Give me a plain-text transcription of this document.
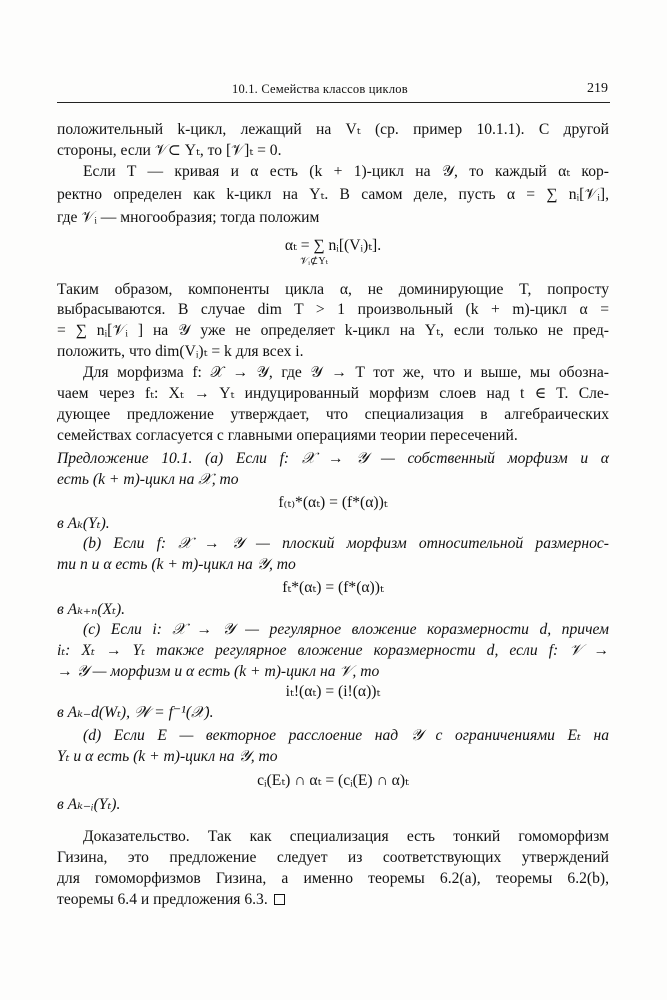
10.1. Семейства классов циклов	219
положительный k-цикл, лежащий на Vₜ (ср. пример 10.1.1). С другой
стороны, если 𝒱⊂ Yₜ, то [𝒱]ₜ = 0.
Если T — кривая и α есть (k + 1)-цикл на 𝒴, то каждый αₜ кор-
ректно определен как k-цикл на Yₜ. В самом деле, пусть α = ∑ nᵢ[𝒱ᵢ],
где 𝒱ᵢ — многообразия; тогда положим
αₜ = ∑ nᵢ[(Vᵢ)ₜ].
𝒱ᵢ⊄Yₜ
Таким образом, компоненты цикла α, не доминирующие T, попросту
выбрасываются. В случае dim T > 1 произвольный (k + m)-цикл α =
= ∑ nᵢ[𝒱ᵢ ] на 𝒴 уже не определяет k-цикл на Yₜ, если только не пред-
положить, что dim(Vᵢ)ₜ = k для всех i.
Для морфизма f: 𝒳 → 𝒴, где 𝒴 → T тот же, что и выше, мы обозна-
чаем через fₜ: Xₜ → Yₜ индуцированный морфизм слоев над t ∈ T. Сле-
дующее предложение утверждает, что специализация в алгебраических
семействах согласуется с главными операциями теории пересечений.
Предложение 10.1. (a) Если f: 𝒳 → 𝒴 — собственный морфизм и α
есть (k + m)-цикл на 𝒳, то
f₍ₜ₎*(αₜ) = (f*(α))ₜ
в Aₖ(Yₜ).
(b) Если f: 𝒳 → 𝒴 — плоский морфизм относительной размернос-
ти n и α есть (k + m)-цикл на 𝒴, то
fₜ*(αₜ) = (f*(α))ₜ
в Aₖ₊ₙ(Xₜ).
(c) Если i: 𝒳 → 𝒴 — регулярное вложение коразмерности d, причем
iₜ: Xₜ → Yₜ также регулярное вложение коразмерности d, если f: 𝒱 →
→ 𝒴 — морфизм и α есть (k + m)-цикл на 𝒱, то
iₜ!(αₜ) = (i!(α))ₜ
в Aₖ₋d(Wₜ), 𝒲 = f⁻¹(𝒳).
(d) Если E — векторное расслоение над 𝒴 с ограничениями Eₜ на
Yₜ и α есть (k + m)-цикл на 𝒴, то
cᵢ(Eₜ) ∩ αₜ = (cᵢ(E) ∩ α)ₜ
в Aₖ₋ᵢ(Yₜ).
Доказательство. Так как специализация есть тонкий гомоморфизм
Гизина, это предложение следует из соответствующих утверждений
для гомоморфизмов Гизина, а именно теоремы 6.2(a), теоремы 6.2(b),
теоремы 6.4 и предложения 6.3.
